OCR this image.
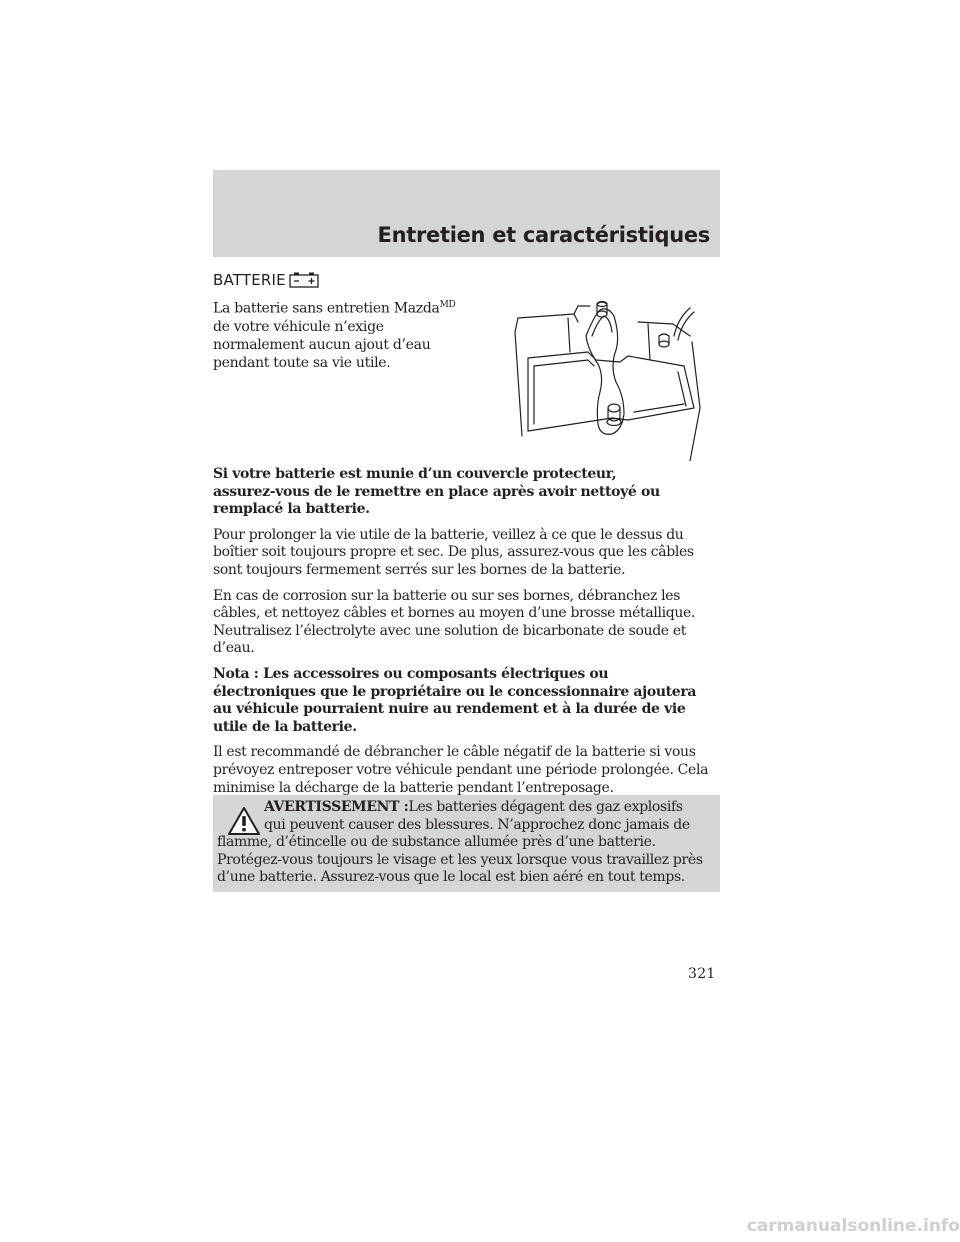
Entretien et caractéristiques
BATTERIE
La batterie sans entretien Mazda$^{MD}$
de votre véhicule n’exige
normalement aucun ajout d’eau
pendant toute sa vie utile.
Si votre batterie est munie d’un couvercle protecteur,
assurez-vous de le remettre en place après avoir nettoyé ou
remplacé la batterie.
Pour prolonger la vie utile de la batterie, veillez à ce que le dessus du
boîtier soit toujours propre et sec. De plus, assurez-vous que les câbles
sont toujours fermement serrés sur les bornes de la batterie.
En cas de corrosion sur la batterie ou sur ses bornes, débranchez les
câbles, et nettoyez câbles et bornes au moyen d’une brosse métallique.
Neutralisez l’électrolyte avec une solution de bicarbonate de soude et
d’eau.
Nota : Les accessoires ou composants électriques ou
électroniques que le propriétaire ou le concessionnaire ajoutera
au véhicule pourraient nuire au rendement et à la durée de vie
utile de la batterie.
Il est recommandé de débrancher le câble négatif de la batterie si vous
prévoyez entreposer votre véhicule pendant une période prolongée. Cela
minimise la décharge de la batterie pendant l’entreposage.
AVERTISSEMENT :Les batteries dégagent des gaz explosifs
qui peuvent causer des blessures. N’approchez donc jamais de
flamme, d’étincelle ou de substance allumée près d’une batterie.
Protégez-vous toujours le visage et les yeux lorsque vous travaillez près
d’une batterie. Assurez-vous que le local est bien aéré en tout temps.
321
carmanualsonline.info
